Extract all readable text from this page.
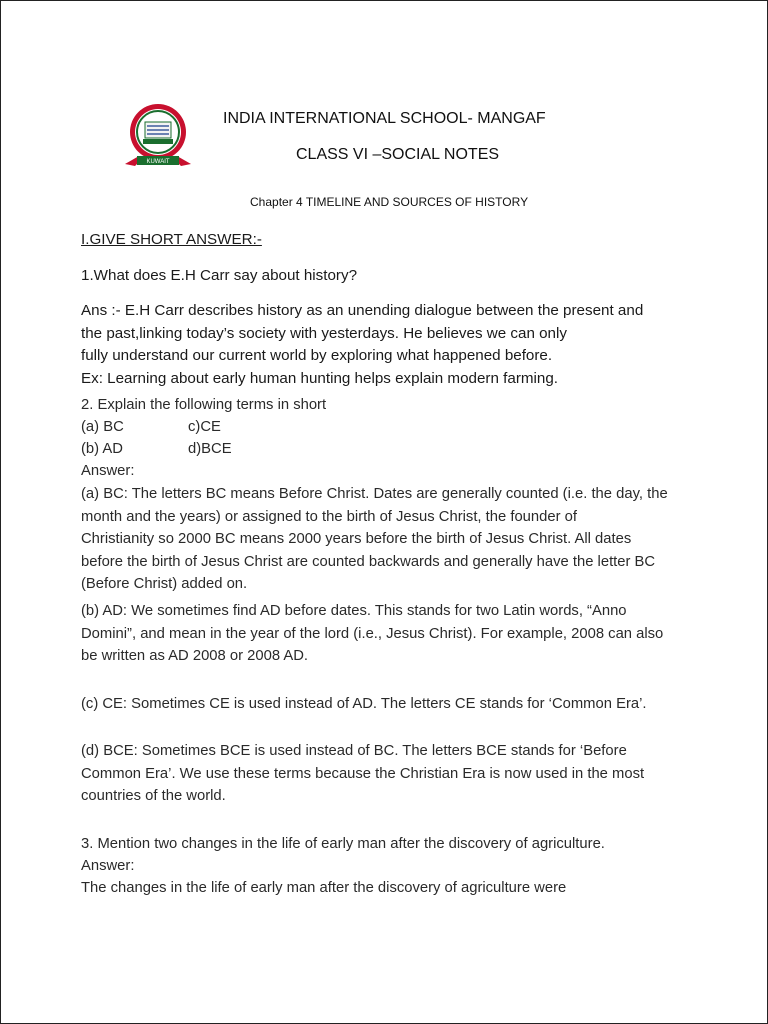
KUWAIT
INDIA INTERNATIONAL SCHOOL- MANGAF
CLASS VI –SOCIAL NOTES
Chapter 4 TIMELINE AND SOURCES OF HISTORY
I.GIVE SHORT ANSWER:-
1.What does E.H Carr say about history?
Ans :- E.H Carr describes history as an unending dialogue between the present and
the past,linking today’s society with yesterdays. He believes we can only
fully understand our current world by exploring what happened before.
Ex: Learning about early human hunting helps explain modern farming.
2. Explain the following terms in short
(a) BC	c)CE
(b) AD	d)BCE
Answer:
(a) BC: The letters BC means Before Christ. Dates are generally counted (i.e. the day, the
month and the years) or assigned to the birth of Jesus Christ, the founder of
Christianity so 2000 BC means 2000 years before the birth of Jesus Christ. All dates
before the birth of Jesus Christ are counted backwards and generally have the letter BC
(Before Christ) added on.
(b) AD: We sometimes find AD before dates. This stands for two Latin words, “Anno
Domini”, and mean in the year of the lord (i.e., Jesus Christ). For example, 2008 can also
be written as AD 2008 or 2008 AD.
(c) CE: Sometimes CE is used instead of AD. The letters CE stands for ‘Common Era’.
(d) BCE: Sometimes BCE is used instead of BC. The letters BCE stands for ‘Before
Common Era’. We use these terms because the Christian Era is now used in the most
countries of the world.
3. Mention two changes in the life of early man after the discovery of agriculture.
Answer:
The changes in the life of early man after the discovery of agriculture were
